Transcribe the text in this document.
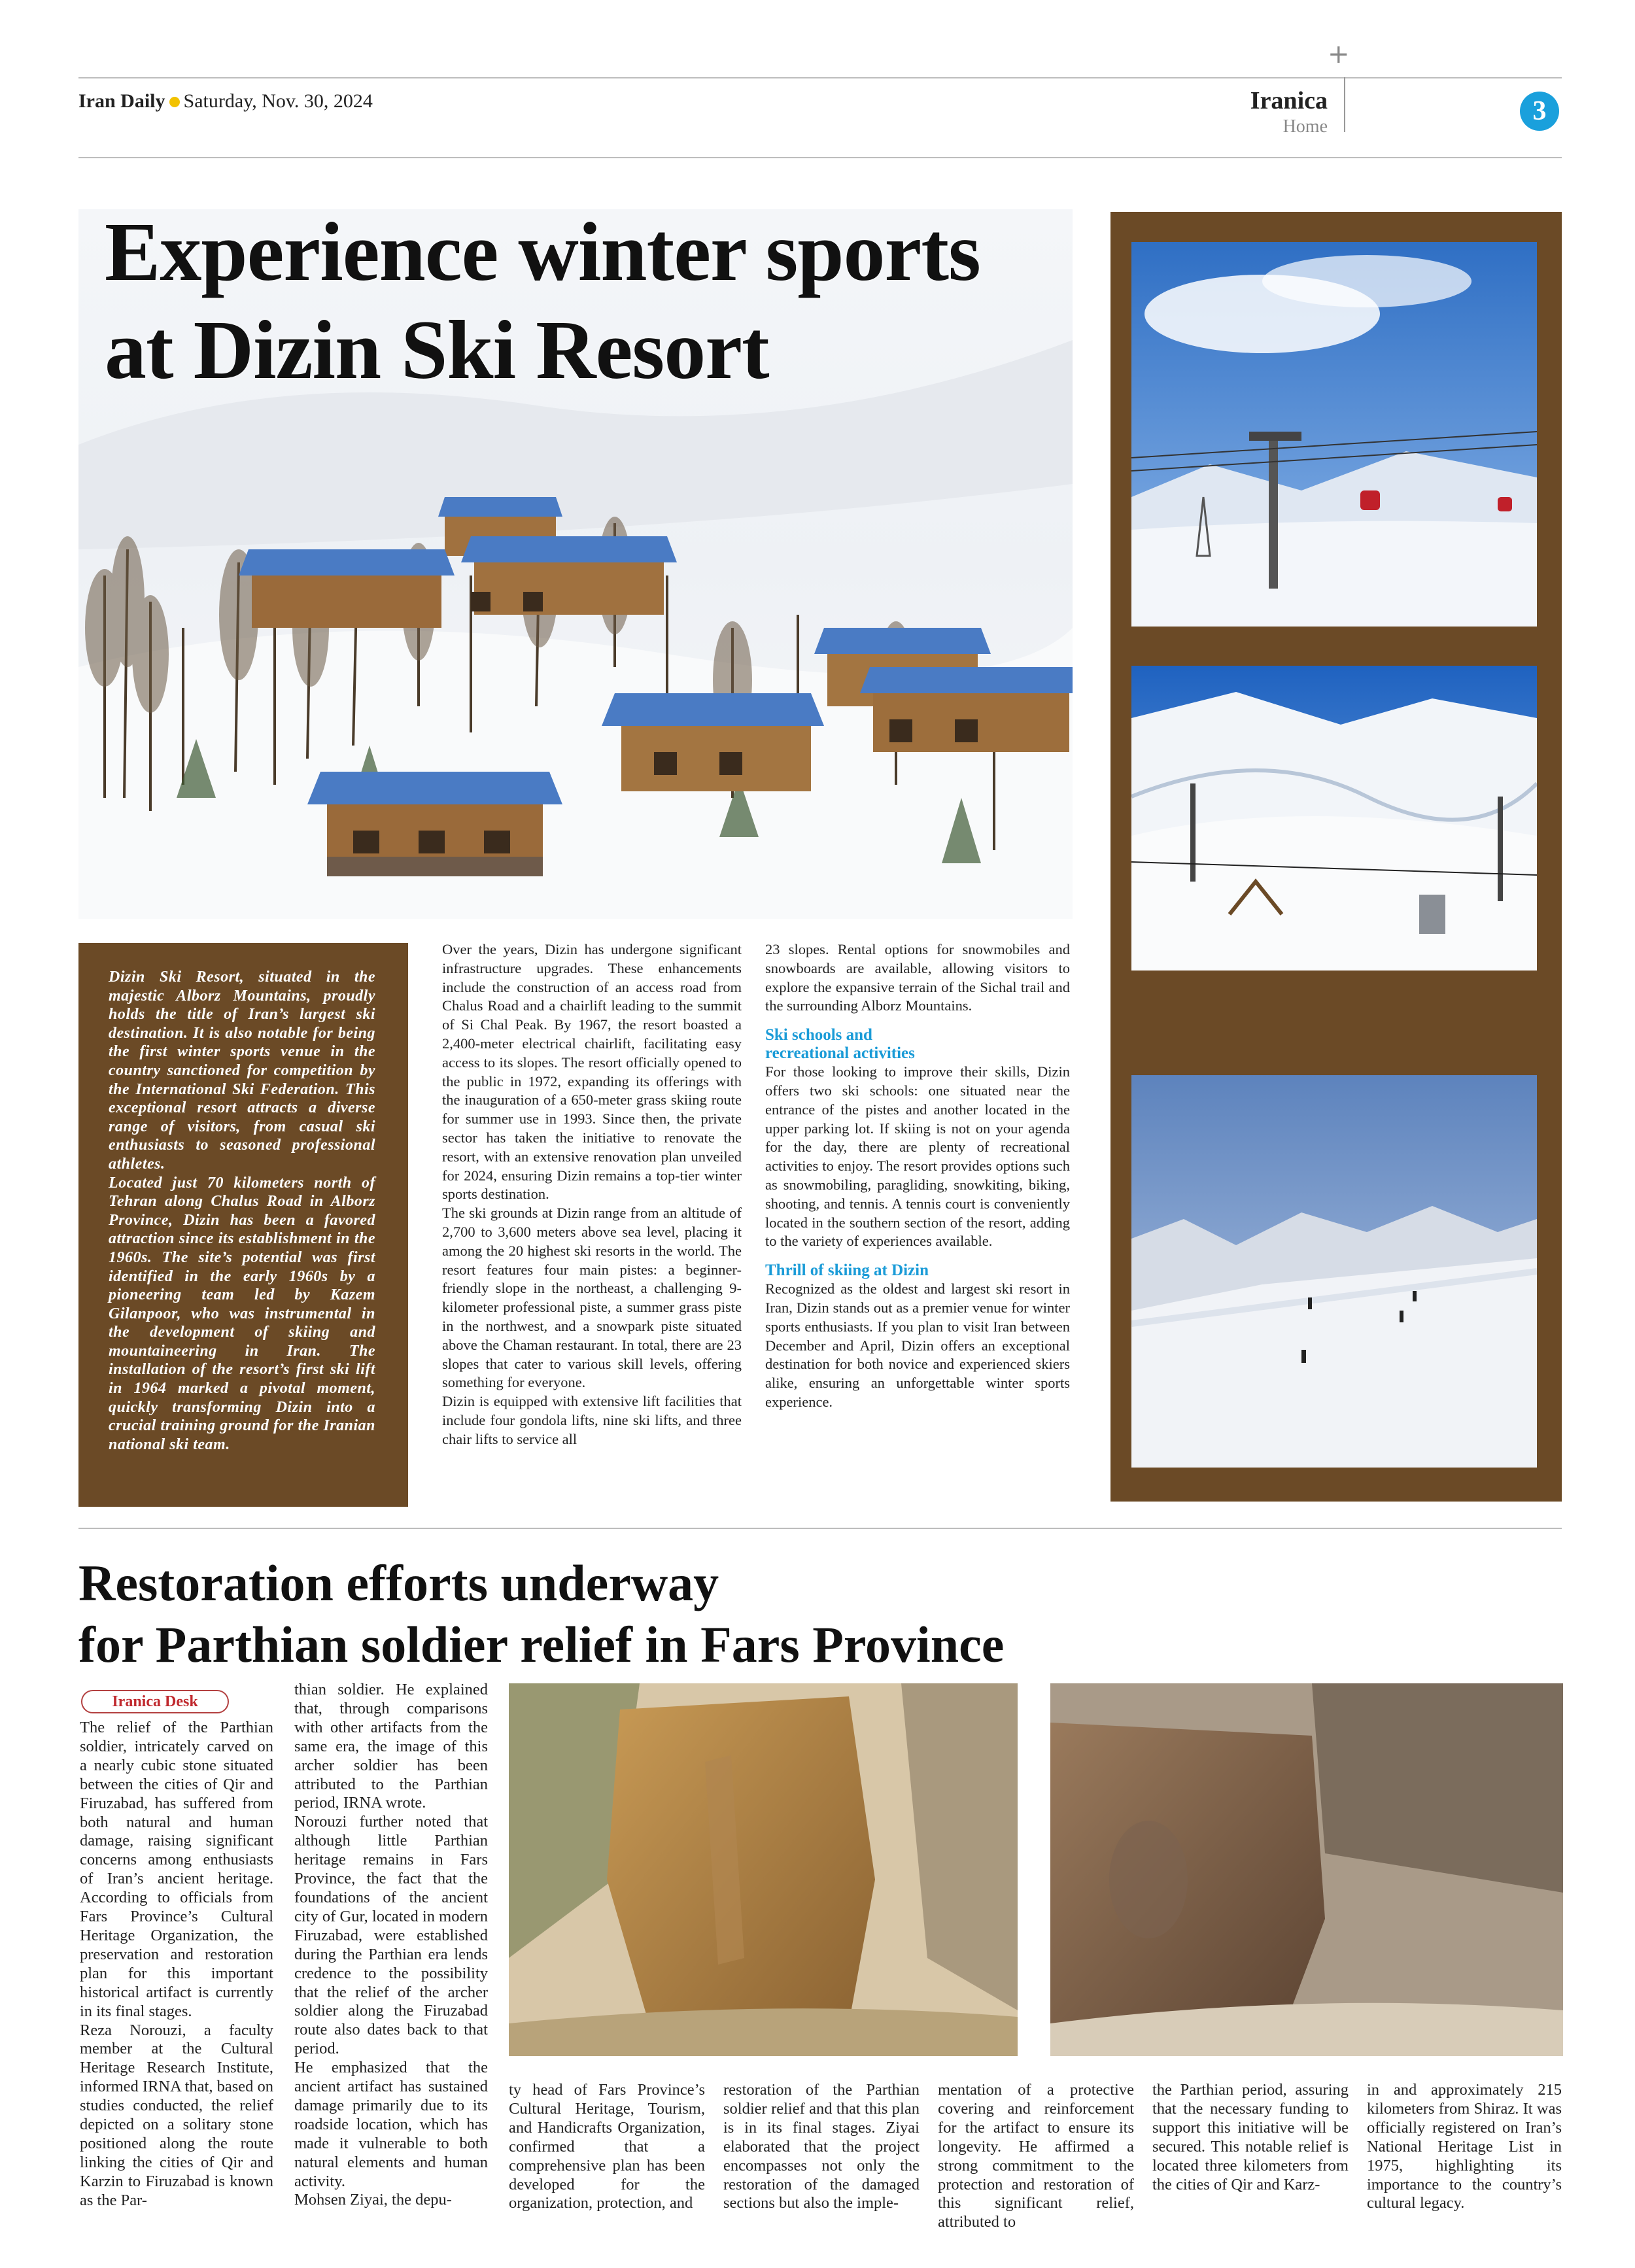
+
Iran Daily Saturday, Nov. 30, 2024	Iranica
Home
3
Experience winter sports
at Dizin Ski Resort
Dizin Ski Resort, situated in the majestic Alborz Mountains, proudly holds the title of Iran’s largest ski destination. It is also notable for being the first winter sports venue in the country sanctioned for competition by the International Ski Federation. This exceptional resort attracts a diverse range of visitors, from casual ski enthusiasts to seasoned professional athletes.
Located just 70 kilometers north of Tehran along Chalus Road in Alborz Province, Dizin has been a favored attraction since its establishment in the 1960s. The site’s potential was first identified in the early 1960s by a pioneering team led by Kazem Gilanpoor, who was instrumental in the development of skiing and mountaineering in Iran. The installation of the resort’s first ski lift in 1964 marked a pivotal moment, quickly transforming Dizin into a crucial training ground for the Iranian national ski team.

Over the years, Dizin has undergone significant infrastructure upgrades. These enhancements include the construction of an access road from Chalus Road and a chairlift leading to the summit of Si Chal Peak. By 1967, the resort boasted a 2,400-meter electrical chairlift, facilitating easy access to its slopes. The resort officially opened to the public in 1972, expanding its offerings with the inauguration of a 650-meter grass skiing route for summer use in 1993. Since then, the private sector has taken the initiative to renovate the resort, with an extensive renovation plan unveiled for 2024, ensuring Dizin remains a top-tier winter sports destination.

The ski grounds at Dizin range from an altitude of 2,700 to 3,600 meters above sea level, placing it among the 20 highest ski resorts in the world. The resort features four main pistes: a beginner-friendly slope in the northeast, a challenging 9-kilometer professional piste, a summer grass piste in the northwest, and a snowpark piste situated above the Chaman restaurant. In total, there are 23 slopes that cater to various skill levels, offering something for everyone.

Dizin is equipped with extensive lift facilities that include four gondola lifts, nine ski lifts, and three chair lifts to service all

23 slopes. Rental options for snowmobiles and snowboards are available, allowing visitors to explore the expansive terrain of the Sichal trail and the surrounding Alborz Mountains.

Ski schools and
recreational activities

For those looking to improve their skills, Dizin offers two ski schools: one situated near the entrance of the pistes and another located in the upper parking lot. If skiing is not on your agenda for the day, there are plenty of recreational activities to enjoy. The resort provides options such as snowmobiling, paragliding, snowkiting, biking, shooting, and tennis. A tennis court is conveniently located in the southern section of the resort, adding to the variety of experiences available.

Thrill of skiing at Dizin

Recognized as the oldest and largest ski resort in Iran, Dizin stands out as a premier venue for winter sports enthusiasts. If you plan to visit Iran between December and April, Dizin offers an exceptional destination for both novice and experienced skiers alike, ensuring an unforgettable winter sports experience.

Restoration efforts underway
for Parthian soldier relief in Fars Province
Iranica Desk

The relief of the Parthian soldier, intricately carved on a nearly cubic stone situated between the cities of Qir and Firuzabad, has suffered from both natural and human damage, raising significant concerns among enthusiasts of Iran’s ancient heritage. According to officials from Fars Province’s Cultural Heritage Organization, the preservation and restoration plan for this important historical artifact is currently in its final stages.

Reza Norouzi, a faculty member at the Cultural Heritage Research Institute, informed IRNA that, based on studies conducted, the relief depicted on a solitary stone positioned along the route linking the cities of Qir and Karzin to Firuzabad is known as the Par-

thian soldier. He explained that, through comparisons with other artifacts from the same era, the image of this archer soldier has been attributed to the Parthian period, IRNA wrote.

Norouzi further noted that although little Parthian heritage remains in Fars Province, the fact that the foundations of the ancient city of Gur, located in modern Firuzabad, were established during the Parthian era lends credence to the possibility that the relief of the archer soldier along the Firuzabad route also dates back to that period.

He emphasized that the ancient artifact has sustained damage primarily due to its roadside location, which has made it vulnerable to both natural elements and human activity.

Mohsen Ziyai, the depu-

ty head of Fars Province’s Cultural Heritage, Tourism, and Handicrafts Organization, confirmed that a comprehensive plan has been developed for the organization, protection, and
restoration of the Parthian soldier relief and that this plan is in its final stages. Ziyai elaborated that the project encompasses not only the restoration of the damaged sections but also the imple-
mentation of a protective covering and reinforcement for the artifact to ensure its longevity. He affirmed a strong commitment to the protection and restoration of this significant relief, attributed to
the Parthian period, assuring that the necessary funding to support this initiative will be secured. This notable relief is located three kilometers from the cities of Qir and Karz-
in and approximately 215 kilometers from Shiraz. It was officially registered on Iran’s National Heritage List in 1975, highlighting its importance to the country’s cultural legacy.
